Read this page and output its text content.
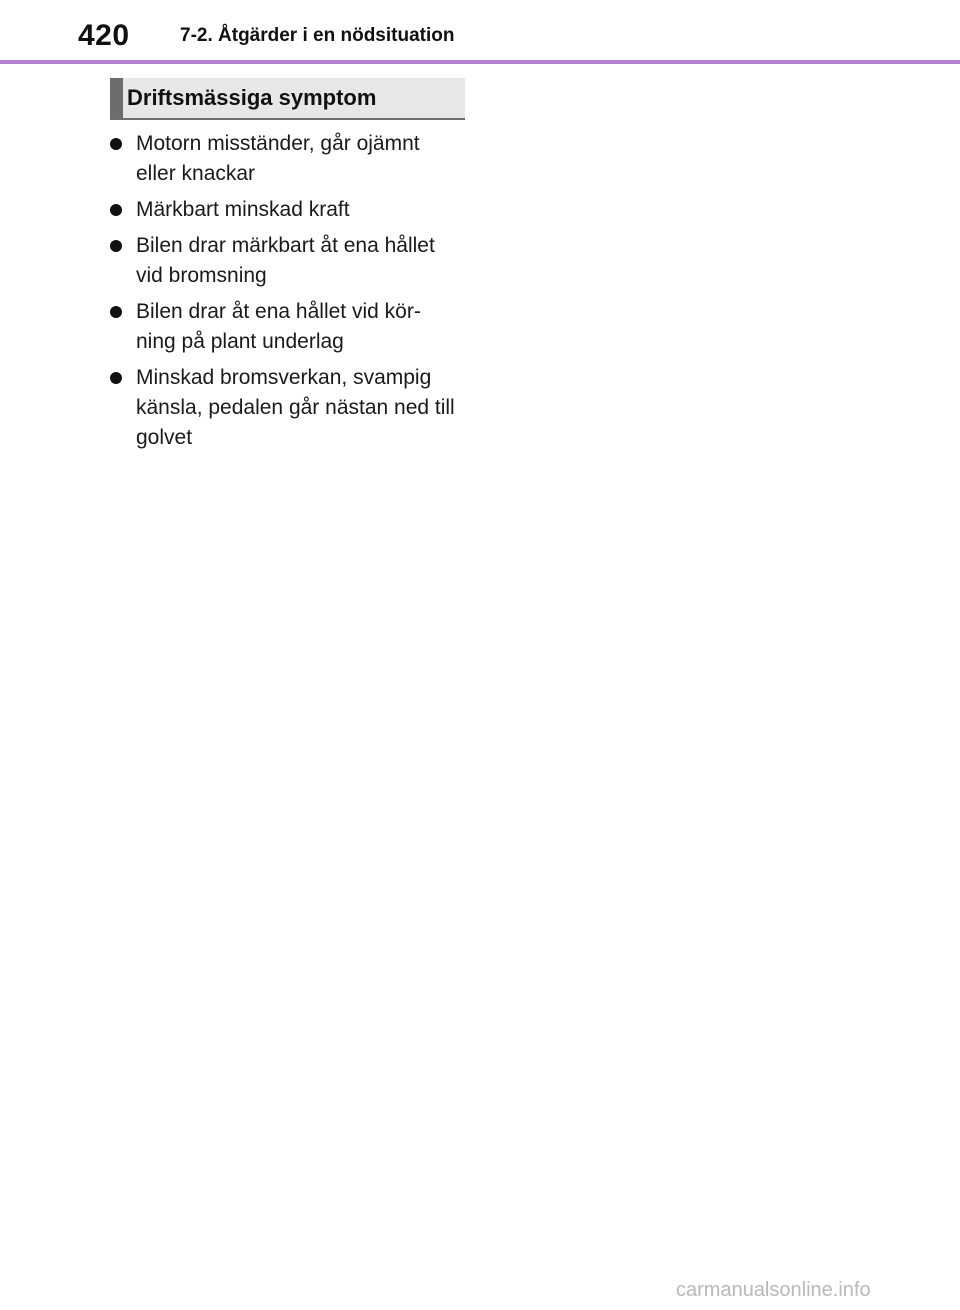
420	7-2. Åtgärder i en nödsituation
Driftsmässiga symptom
Motorn misständer, går ojämnt eller knackar
Märkbart minskad kraft
Bilen drar märkbart åt ena hållet vid bromsning
Bilen drar åt ena hållet vid kör-ning på plant underlag
Minskad bromsverkan, svampig känsla, pedalen går nästan ned till golvet
carmanualsonline.info
